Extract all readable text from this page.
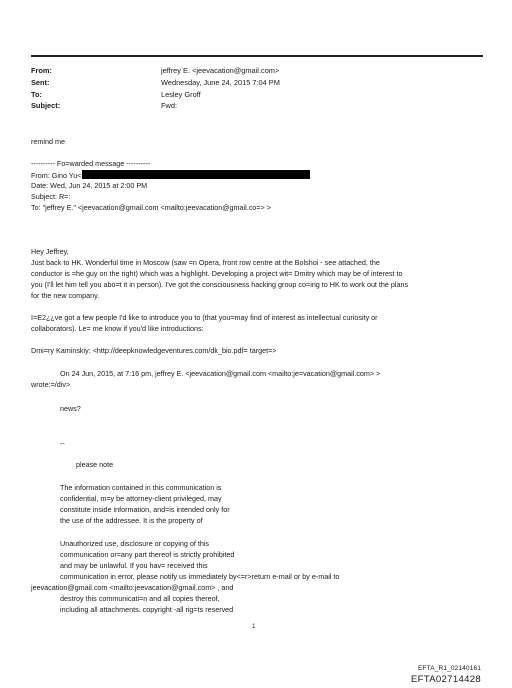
From:	jeffrey E. <jeevacation@gmail.com>
Sent:	Wednesday, June 24, 2015 7:04 PM
To:	Lesley Groff
Subject:	Fwd:
remind me
---------- Fo=warded message ----------
From: Gino Yu<
Date: Wed, Jun 24, 2015 at 2:00 PM
Subject: R=:
To: "jeffrey E." <jeevacation@gmail.com <mailto:jeevacation@gmail.co=> >
Hey Jeffrey,
Just back to HK. Wonderful time in Moscow (saw =n Opera, front row centre at the Bolshoi - see attached, the
conductor is =he guy on the right) which was a highlight. Developing a project wit= Dmitry which may be of interest to
you (I'll let him tell you abo=t it in person). I've got the consciousness hacking group co=ing to HK to work out the plans
for the new company.
I=E2¿¿ve got a few people I'd like to introduce you to (that you=may find of interest as intellectual curiosity or
collaborators). Le= me know if you'd like introductions:
Dmi=ry Kaminskiy: <http://deepknowledgeventures.com/dk_bio.pdf= target=>
On 24 Jun, 2015, at 7:16 pm, jeffrey E. <jeevacation@gmail.com <mailto:je=vacation@gmail.com> >
wrote:=/div>
news?
--
please note
The information contained in this communication is
confidential, m=y be attorney-client privileged, may
constitute inside information, and=is intended only for
the use of the addressee. It is the property of
Unauthorized use, disclosure or copying of this
communication or=any part thereof is strictly prohibited
and may be unlawful. If you hav= received this
communication in error, please notify us immediately by<=r>return e-mail or by e-mail to
jeevacation@gmail.com <mailto:jeevacation@gmail.com> , and
destroy this communicati=n and all copies thereof,
including all attachments. copyright -all rig=ts reserved
1
EFTA_R1_02140161
EFTA02714428
